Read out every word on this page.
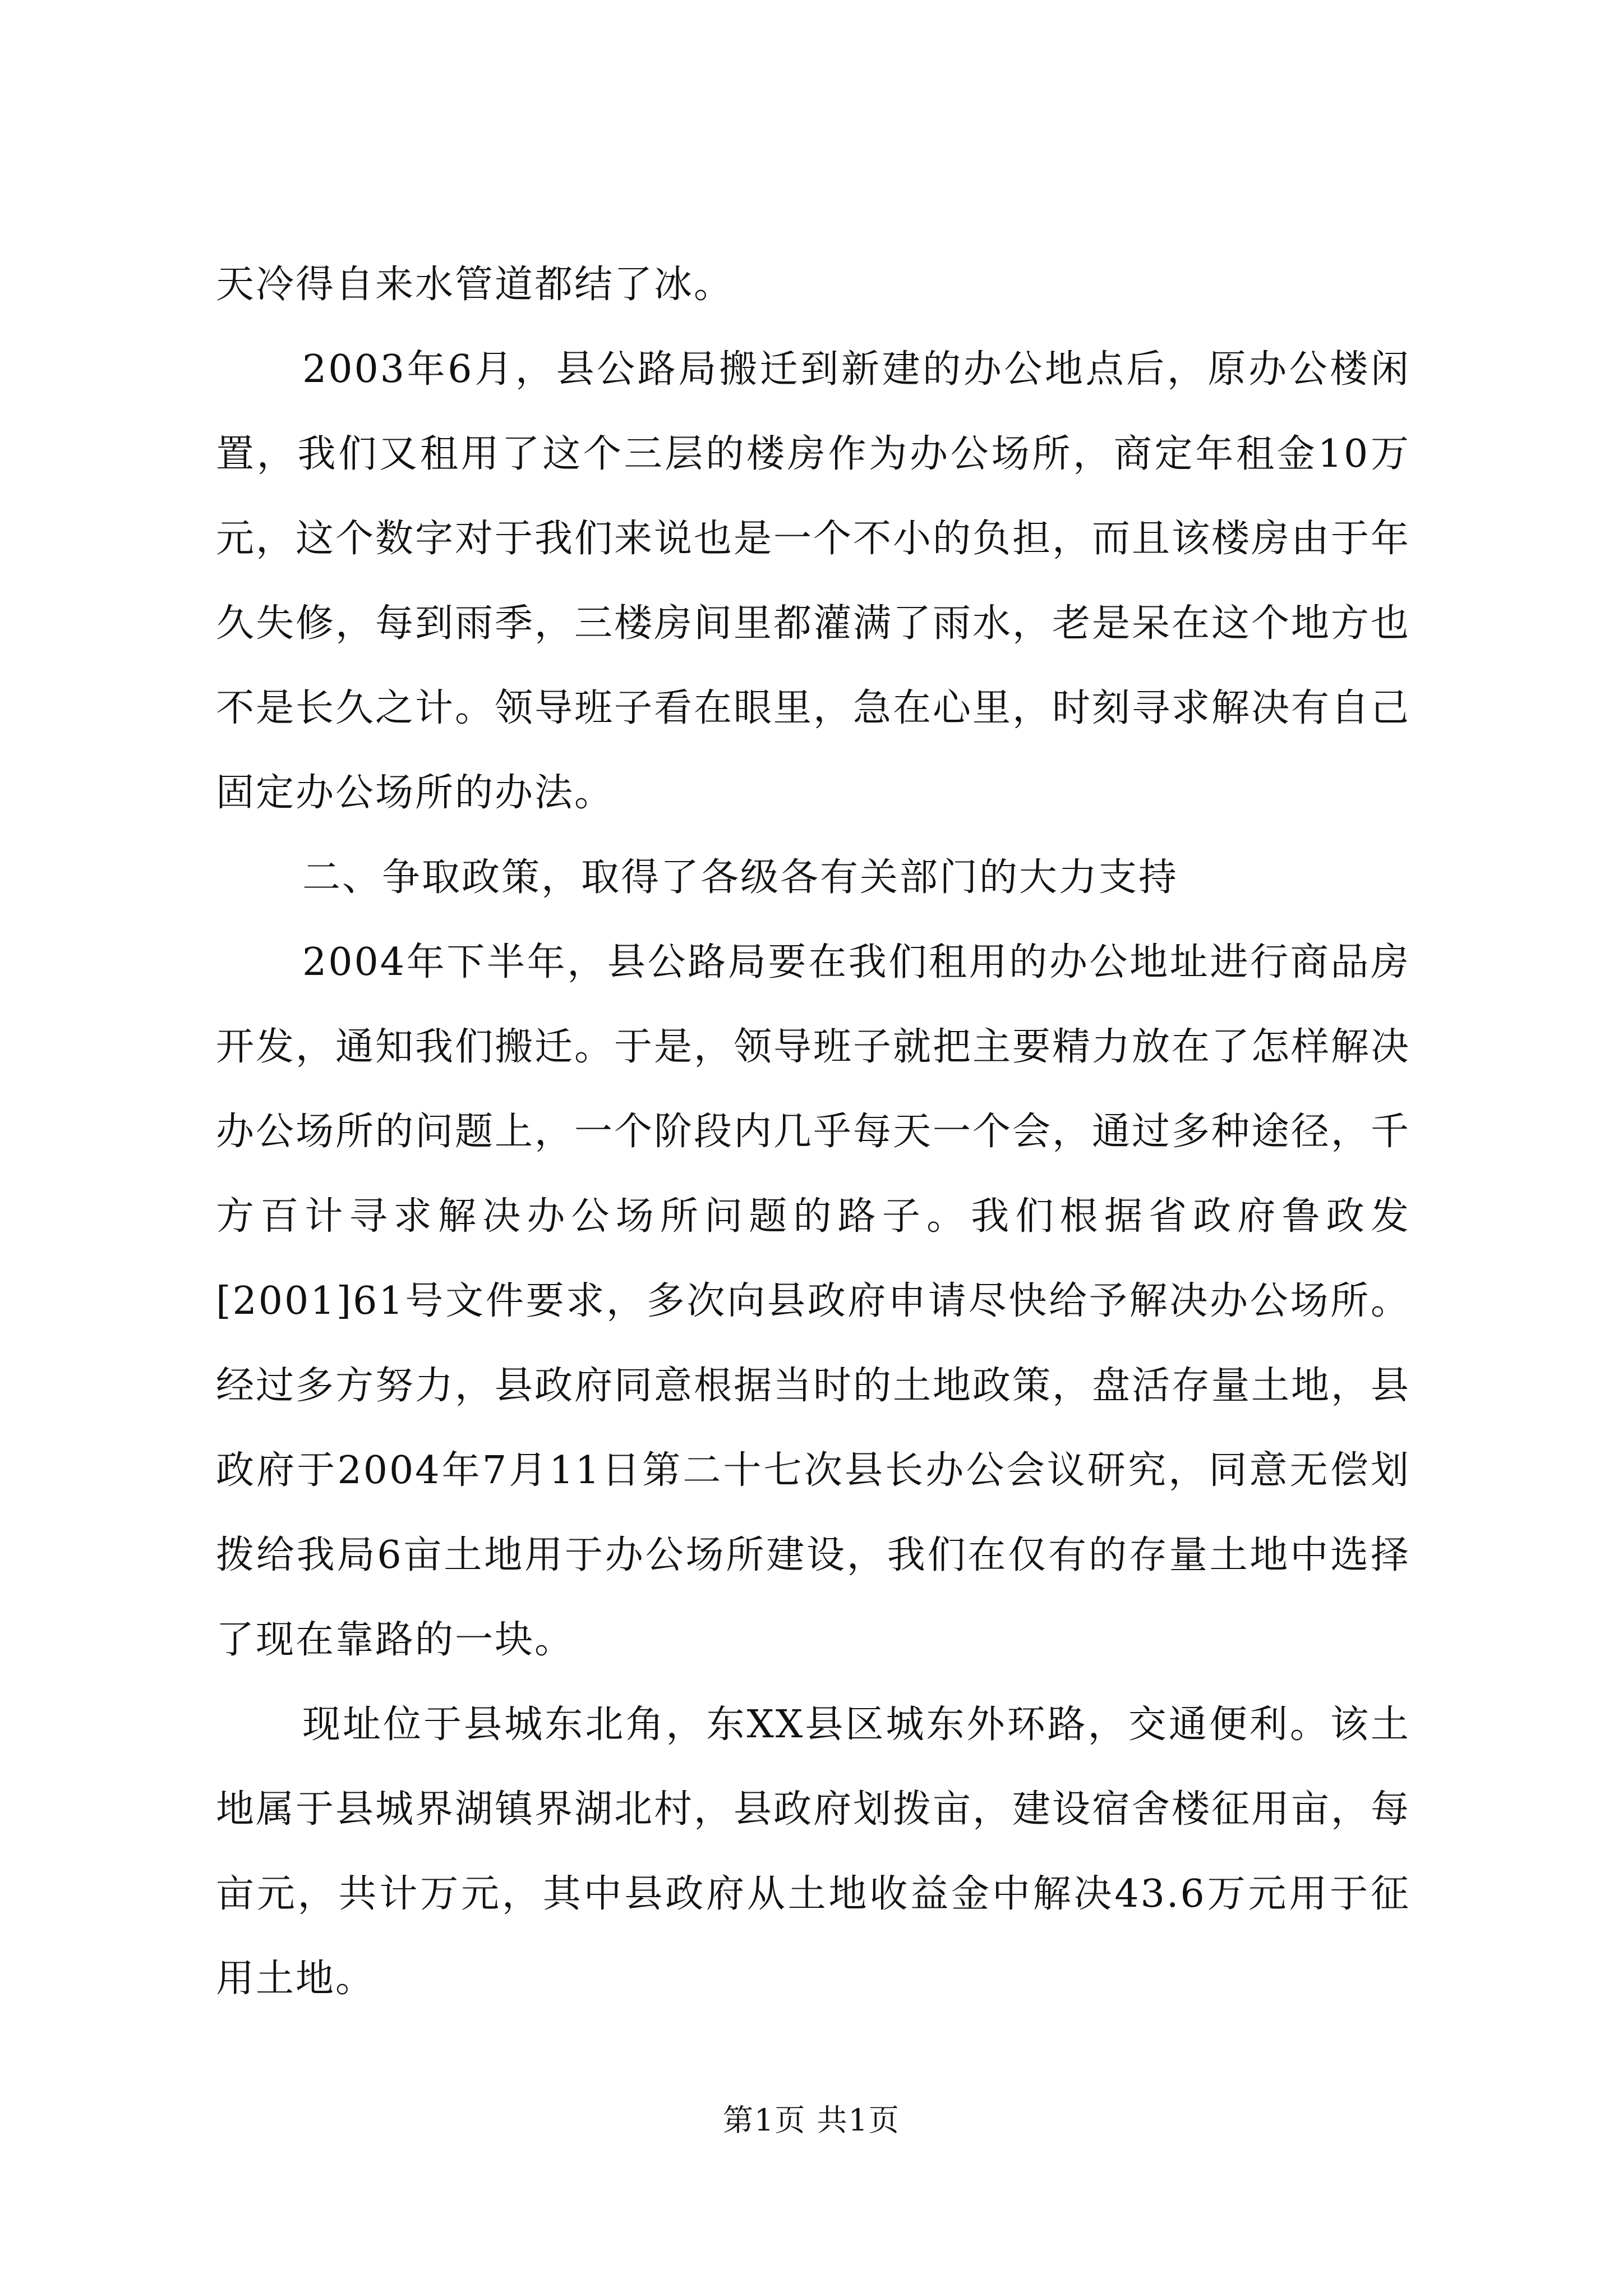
天冷得自来水管道都结了冰。

2003年6月，县公路局搬迁到新建的办公地点后，原办公楼闲置，我们又租用了这个三层的楼房作为办公场所，商定年租金10万元，这个数字对于我们来说也是一个不小的负担，而且该楼房由于年久失修，每到雨季，三楼房间里都灌满了雨水，老是呆在这个地方也不是长久之计。领导班子看在眼里，急在心里，时刻寻求解决有自己固定办公场所的办法。

二、争取政策，取得了各级各有关部门的大力支持

2004年下半年，县公路局要在我们租用的办公地址进行商品房开发，通知我们搬迁。于是，领导班子就把主要精力放在了怎样解决办公场所的问题上，一个阶段内几乎每天一个会，通过多种途径，千方百计寻求解决办公场所问题的路子。我们根据省政府鲁政发[2001]61号文件要求，多次向县政府申请尽快给予解决办公场所。经过多方努力，县政府同意根据当时的土地政策，盘活存量土地，县政府于2004年7月11日第二十七次县长办公会议研究，同意无偿划拨给我局6亩土地用于办公场所建设，我们在仅有的存量土地中选择了现在靠路的一块。

现址位于县城东北角，东XX县区城东外环路，交通便利。该土地属于县城界湖镇界湖北村，县政府划拨亩，建设宿舍楼征用亩，每亩元，共计万元，其中县政府从土地收益金中解决43.6万元用于征用土地。

第1页 共1页
